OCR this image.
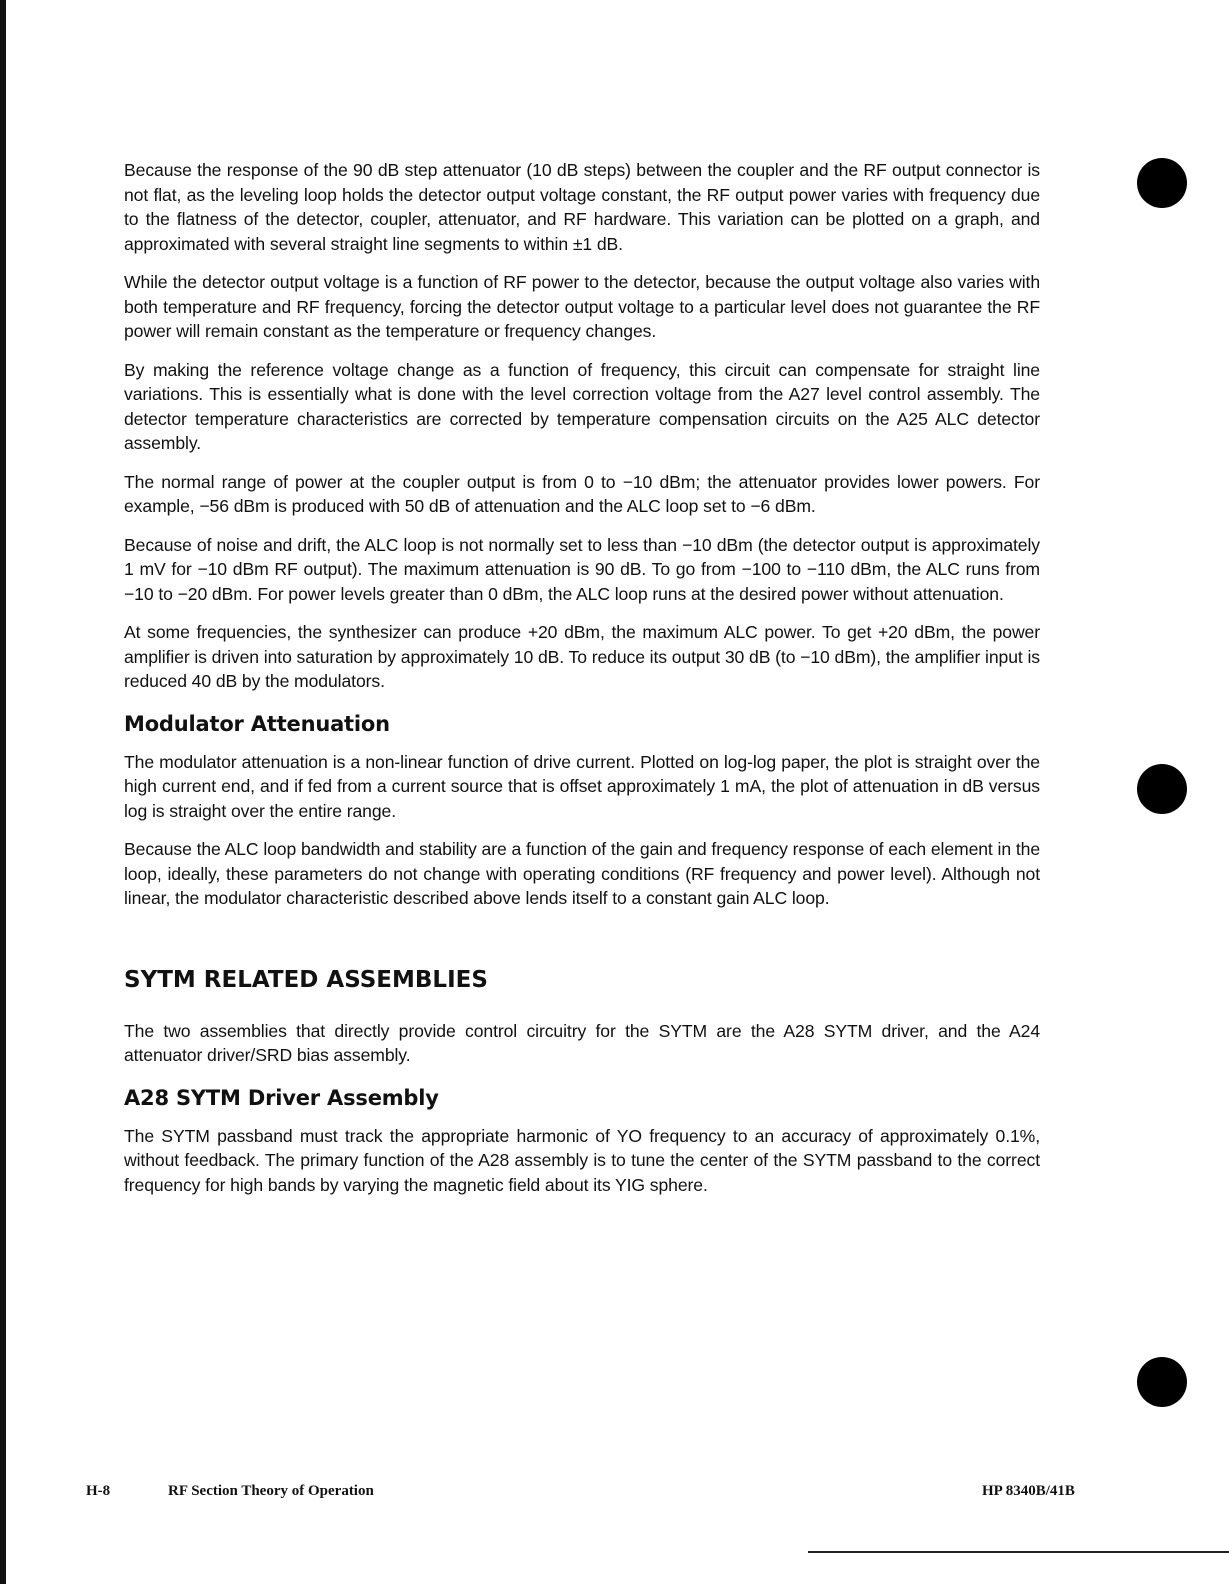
Because the response of the 90 dB step attenuator (10 dB steps) between the coupler and the RF output connector is not flat, as the leveling loop holds the detector output voltage constant, the RF output power varies with frequency due to the flatness of the detector, coupler, attenuator, and RF hardware. This variation can be plotted on a graph, and approximated with several straight line segments to within ±1 dB.

While the detector output voltage is a function of RF power to the detector, because the output voltage also varies with both temperature and RF frequency, forcing the detector output voltage to a particular level does not guarantee the RF power will remain constant as the temperature or frequency changes.

By making the reference voltage change as a function of frequency, this circuit can compensate for straight line variations. This is essentially what is done with the level correction voltage from the A27 level control assembly. The detector temperature characteristics are corrected by temperature compensation circuits on the A25 ALC detector assembly.

The normal range of power at the coupler output is from 0 to −10 dBm; the attenuator provides lower powers. For example, −56 dBm is produced with 50 dB of attenuation and the ALC loop set to −6 dBm.

Because of noise and drift, the ALC loop is not normally set to less than −10 dBm (the detector output is approximately 1 mV for −10 dBm RF output). The maximum attenuation is 90 dB. To go from −100 to −110 dBm, the ALC runs from −10 to −20 dBm. For power levels greater than 0 dBm, the ALC loop runs at the desired power without attenuation.

At some frequencies, the synthesizer can produce +20 dBm, the maximum ALC power. To get +20 dBm, the power amplifier is driven into saturation by approximately 10 dB. To reduce its output 30 dB (to −10 dBm), the amplifier input is reduced 40 dB by the modulators.

Modulator Attenuation

The modulator attenuation is a non-linear function of drive current. Plotted on log-log paper, the plot is straight over the high current end, and if fed from a current source that is offset approximately 1 mA, the plot of attenuation in dB versus log is straight over the entire range.

Because the ALC loop bandwidth and stability are a function of the gain and frequency response of each element in the loop, ideally, these parameters do not change with operating conditions (RF frequency and power level). Although not linear, the modulator characteristic described above lends itself to a constant gain ALC loop.

SYTM RELATED ASSEMBLIES

The two assemblies that directly provide control circuitry for the SYTM are the A28 SYTM driver, and the A24 attenuator driver/SRD bias assembly.

A28 SYTM Driver Assembly

The SYTM passband must track the appropriate harmonic of YO frequency to an accuracy of approximately 0.1%, without feedback. The primary function of the A28 assembly is to tune the center of the SYTM passband to the correct frequency for high bands by varying the magnetic field about its YIG sphere.

H-8	RF Section Theory of Operation	HP 8340B/41B
